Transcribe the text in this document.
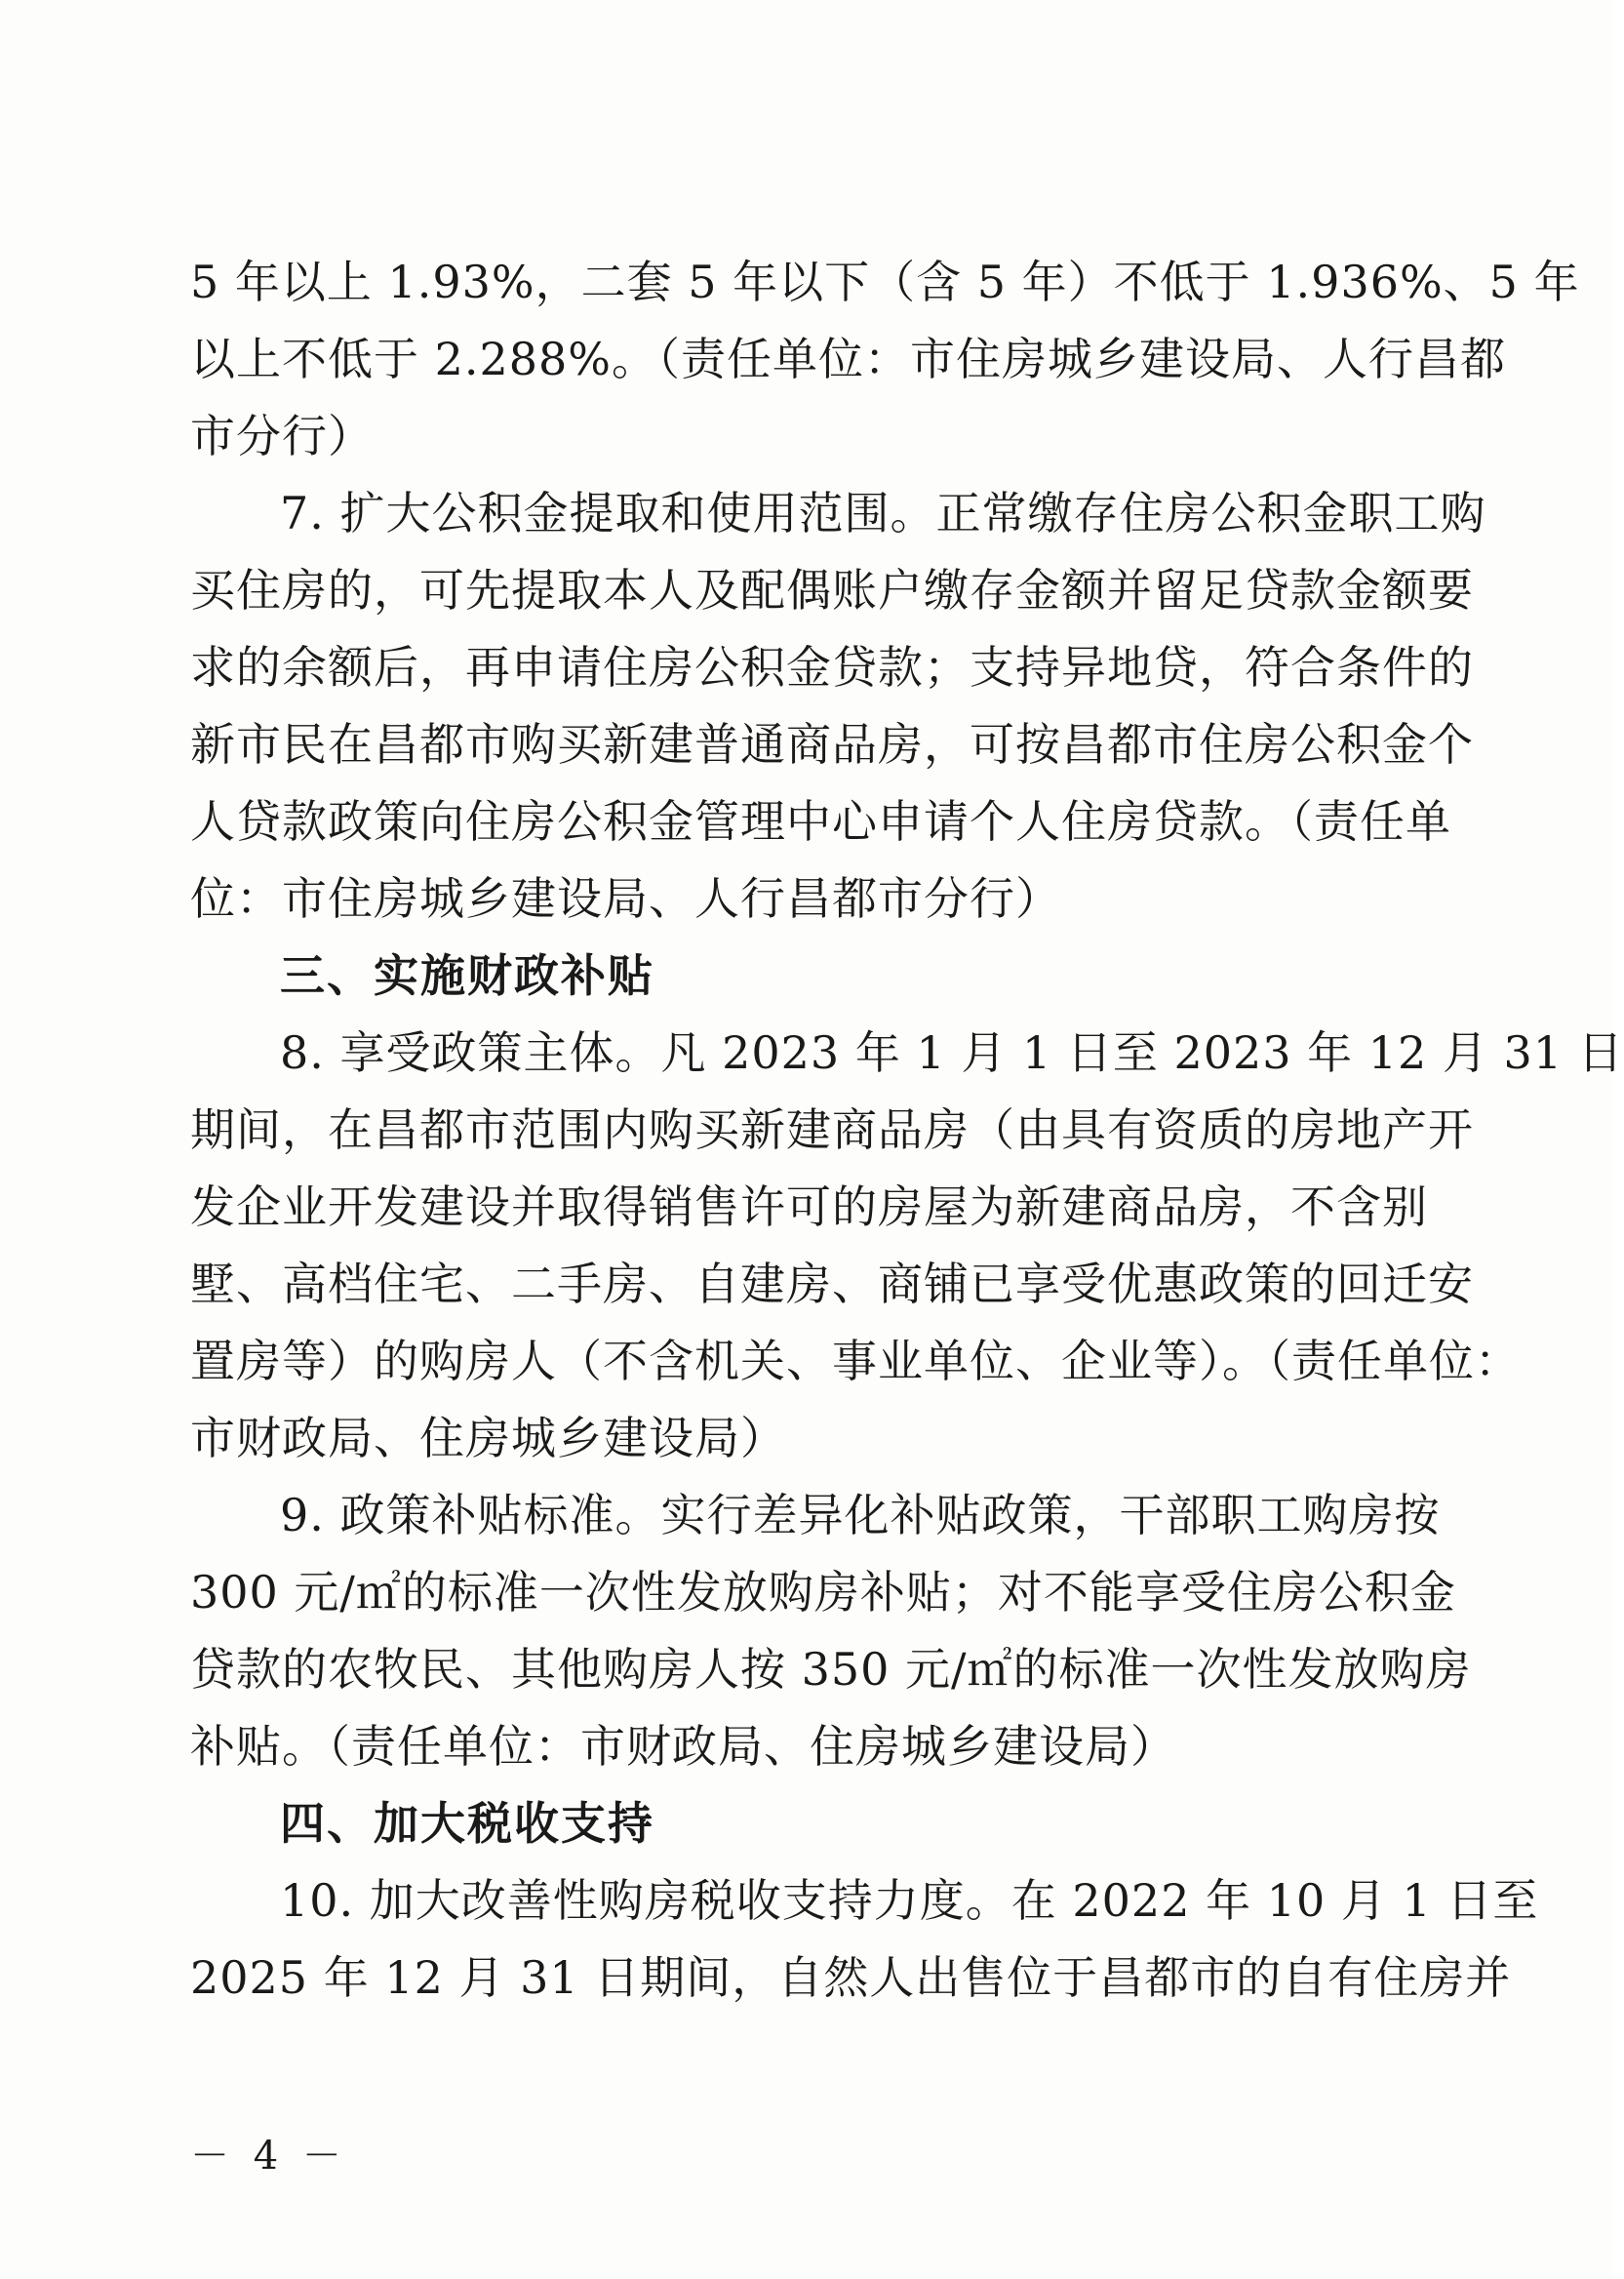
5 年以上 1.93%，二套 5 年以下（含 5 年）不低于 1.936%、5 年
以上不低于 2.288%。（责任单位：市住房城乡建设局、人行昌都
市分行）
7. 扩大公积金提取和使用范围。正常缴存住房公积金职工购
买住房的，可先提取本人及配偶账户缴存金额并留足贷款金额要
求的余额后，再申请住房公积金贷款；支持异地贷，符合条件的
新市民在昌都市购买新建普通商品房，可按昌都市住房公积金个
人贷款政策向住房公积金管理中心申请个人住房贷款。（责任单
位：市住房城乡建设局、人行昌都市分行）
三、实施财政补贴
8. 享受政策主体。凡 2023 年 1 月 1 日至 2023 年 12 月 31 日
期间，在昌都市范围内购买新建商品房（由具有资质的房地产开
发企业开发建设并取得销售许可的房屋为新建商品房，不含别
墅、高档住宅、二手房、自建房、商铺已享受优惠政策的回迁安
置房等）的购房人（不含机关、事业单位、企业等）。（责任单位：
市财政局、住房城乡建设局）
9. 政策补贴标准。实行差异化补贴政策，干部职工购房按
300 元/㎡的标准一次性发放购房补贴；对不能享受住房公积金
贷款的农牧民、其他购房人按 350 元/㎡的标准一次性发放购房
补贴。（责任单位：市财政局、住房城乡建设局）
四、加大税收支持
10. 加大改善性购房税收支持力度。在 2022 年 10 月 1 日至
2025 年 12 月 31 日期间，自然人出售位于昌都市的自有住房并
－ 4 －
